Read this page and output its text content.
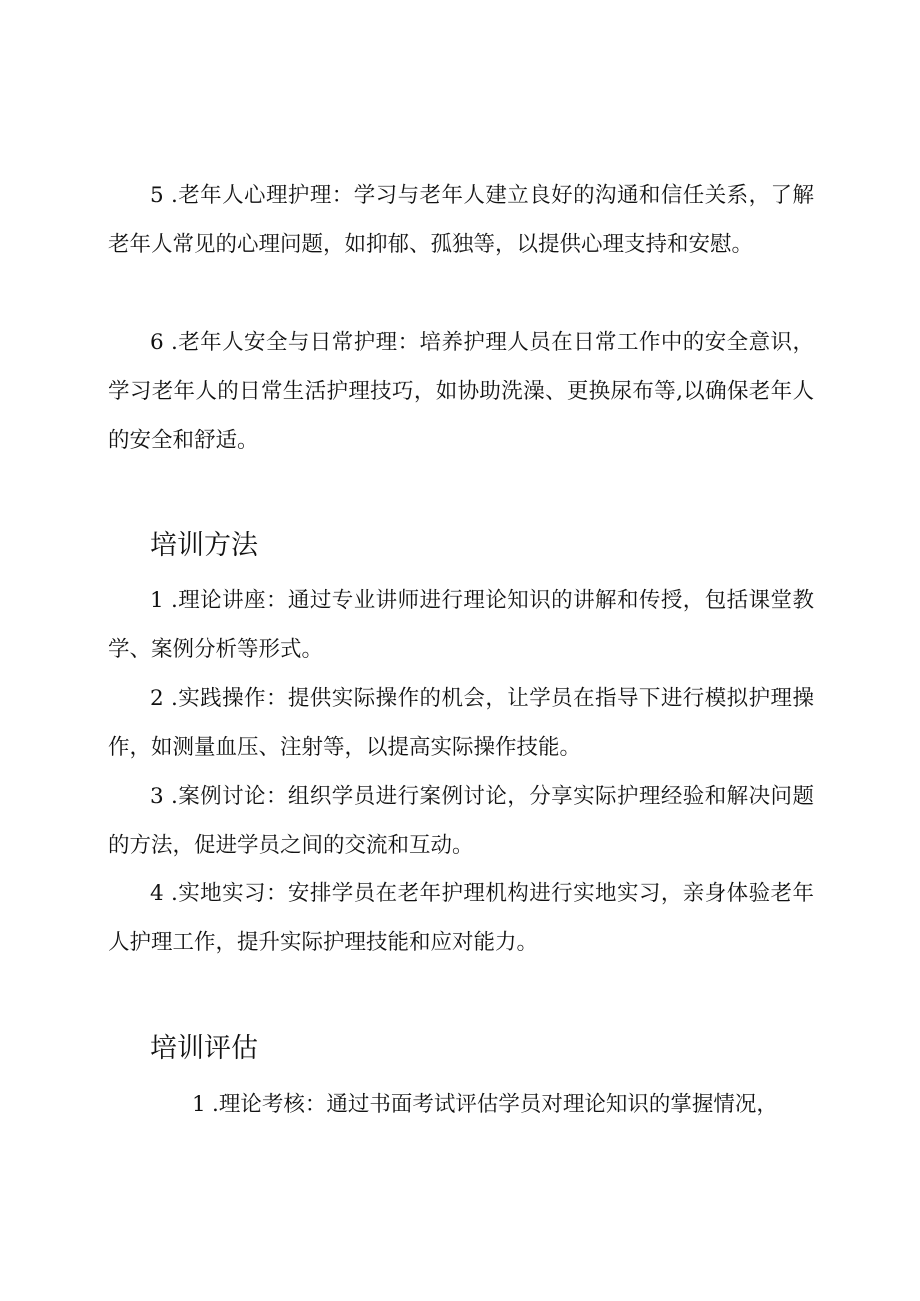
5 .老年人心理护理：学习与老年人建立良好的沟通和信任关系，了解老年人常见的心理问题，如抑郁、孤独等，以提供心理支持和安慰。

6 .老年人安全与日常护理：培养护理人员在日常工作中的安全意识，学习老年人的日常生活护理技巧，如协助洗澡、更换尿布等,以确保老年人的安全和舒适。

培训方法

1 .理论讲座：通过专业讲师进行理论知识的讲解和传授，包括课堂教学、案例分析等形式。

2 .实践操作：提供实际操作的机会，让学员在指导下进行模拟护理操作，如测量血压、注射等，以提高实际操作技能。

3 .案例讨论：组织学员进行案例讨论，分享实际护理经验和解决问题的方法，促进学员之间的交流和互动。

4 .实地实习：安排学员在老年护理机构进行实地实习，亲身体验老年人护理工作，提升实际护理技能和应对能力。

培训评估

1 .理论考核：通过书面考试评估学员对理论知识的掌握情况，
